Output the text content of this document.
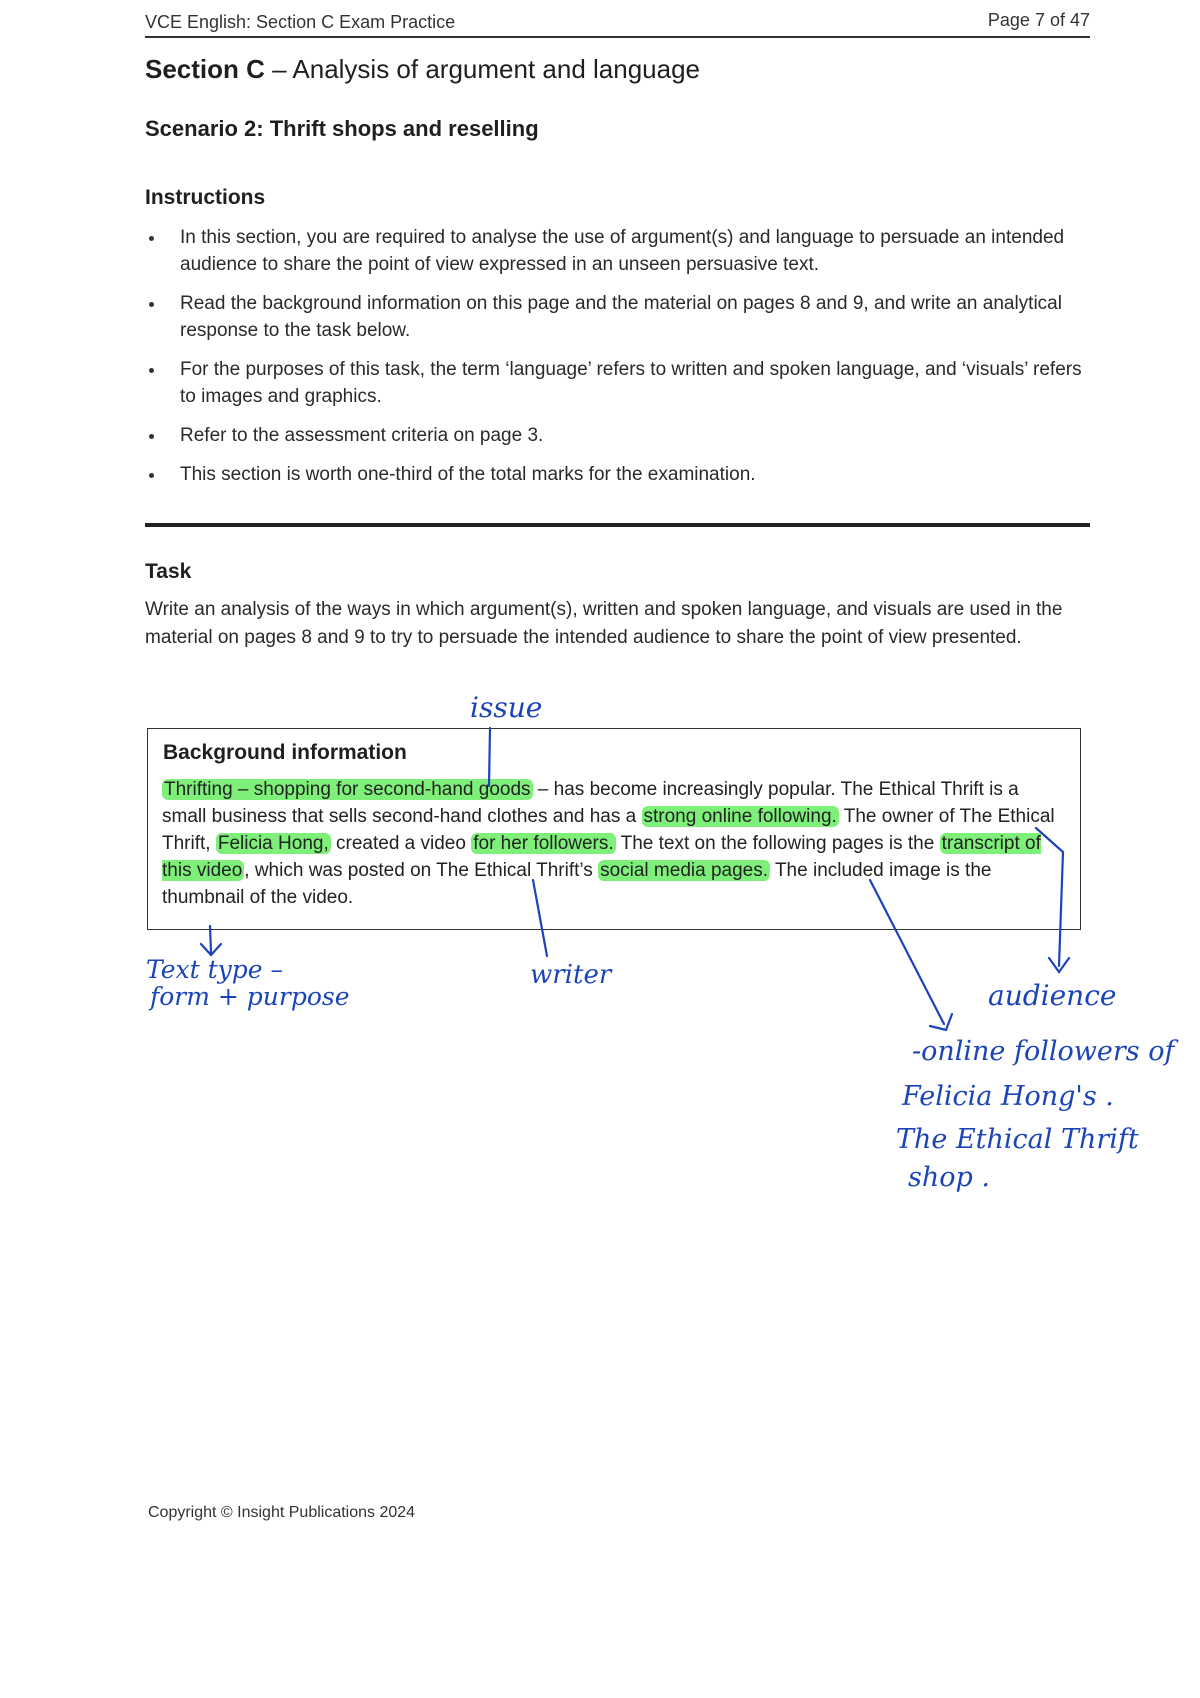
VCE English: Section C Exam Practice	Page 7 of 47
Section C – Analysis of argument and language
Scenario 2: Thrift shops and reselling
Instructions
In this section, you are required to analyse the use of argument(s) and language to persuade an intended audience to share the point of view expressed in an unseen persuasive text.
Read the background information on this page and the material on pages 8 and 9, and write an analytical response to the task below.
For the purposes of this task, the term ‘language’ refers to written and spoken language, and ‘visuals’ refers to images and graphics.
Refer to the assessment criteria on page 3.
This section is worth one-third of the total marks for the examination.
Task
Write an analysis of the ways in which argument(s), written and spoken language, and visuals are used in the material on pages 8 and 9 to try to persuade the intended audience to share the point of view presented.
Background information
Thrifting – shopping for second-hand goods – has become increasingly popular. The Ethical Thrift is a small business that sells second-hand clothes and has a strong online following. The owner of The Ethical Thrift, Felicia Hong, created a video for her followers. The text on the following pages is the transcript of this video , which was posted on The Ethical Thrift’s social media pages. The included image is the thumbnail of the video.
issue
Text type –
form + purpose
writer
audience
-online followers of
Felicia Hong's .
The Ethical Thrift
shop .
Copyright © Insight Publications 2024
